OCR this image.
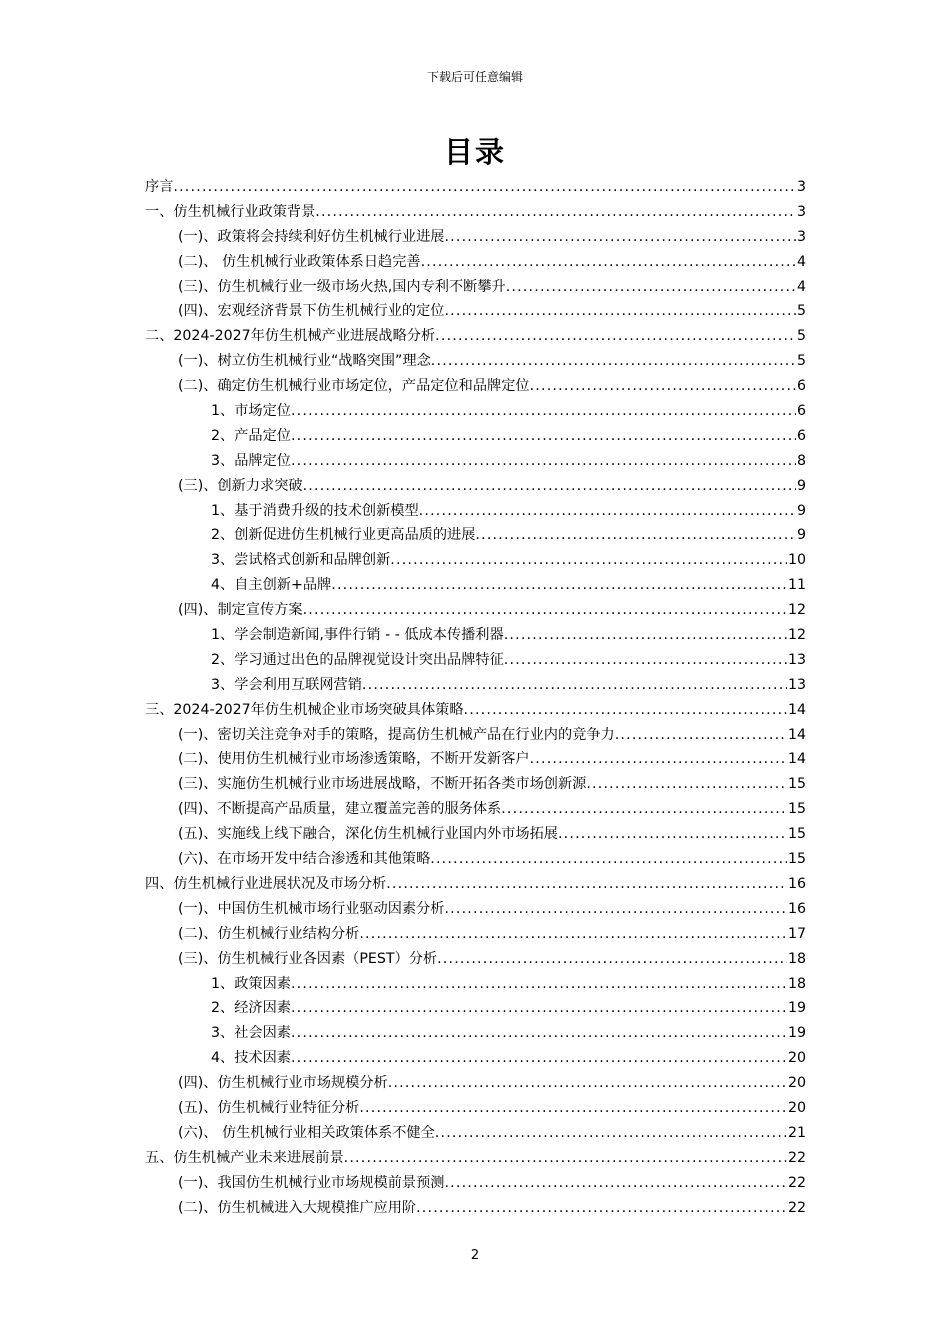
下载后可任意编辑
目录
序言 .....	3
一、仿生机械行业政策背景 .....	3
(一)、政策将会持续利好仿生机械行业进展 .....	3
(二)、 仿生机械行业政策体系日趋完善 .....	4
(三)、仿生机械行业一级市场火热,国内专利不断攀升 .....	4
(四)、宏观经济背景下仿生机械行业的定位 .....	5
二、2024-2027年仿生机械产业进展战略分析 .....	5
(一)、树立仿生机械行业“战略突围”理念 .....	5
(二)、确定仿生机械行业市场定位，产品定位和品牌定位 .....	6
1、市场定位 .....	6
2、产品定位 .....	6
3、品牌定位 .....	8
(三)、创新力求突破 .....	9
1、基于消费升级的技术创新模型 .....	9
2、创新促进仿生机械行业更高品质的进展 .....	9
3、尝试格式创新和品牌创新 .....	10
4、自主创新+品牌 .....	11
(四)、制定宣传方案 .....	12
1、学会制造新闻,事件行销 - - 低成本传播利器 .....	12
2、学习通过出色的品牌视觉设计突出品牌特征 .....	13
3、学会利用互联网营销 .....	13
三、2024-2027年仿生机械企业市场突破具体策略 .....	14
(一)、密切关注竞争对手的策略，提高仿生机械产品在行业内的竞争力 .....	14
(二)、使用仿生机械行业市场渗透策略，不断开发新客户 .....	14
(三)、实施仿生机械行业市场进展战略，不断开拓各类市场创新源 .....	15
(四)、不断提高产品质量，建立覆盖完善的服务体系 .....	15
(五)、实施线上线下融合，深化仿生机械行业国内外市场拓展 .....	15
(六)、在市场开发中结合渗透和其他策略 .....	15
四、仿生机械行业进展状况及市场分析 .....	16
(一)、中国仿生机械市场行业驱动因素分析 .....	16
(二)、仿生机械行业结构分析 .....	17
(三)、仿生机械行业各因素（PEST）分析 .....	18
1、政策因素 .....	18
2、经济因素 .....	19
3、社会因素 .....	19
4、技术因素 .....	20
(四)、仿生机械行业市场规模分析 .....	20
(五)、仿生机械行业特征分析 .....	20
(六)、 仿生机械行业相关政策体系不健全 .....	21
五、仿生机械产业未来进展前景 .....	22
(一)、我国仿生机械行业市场规模前景预测 .....	22
(二)、仿生机械进入大规模推广应用阶 .....	22
2
